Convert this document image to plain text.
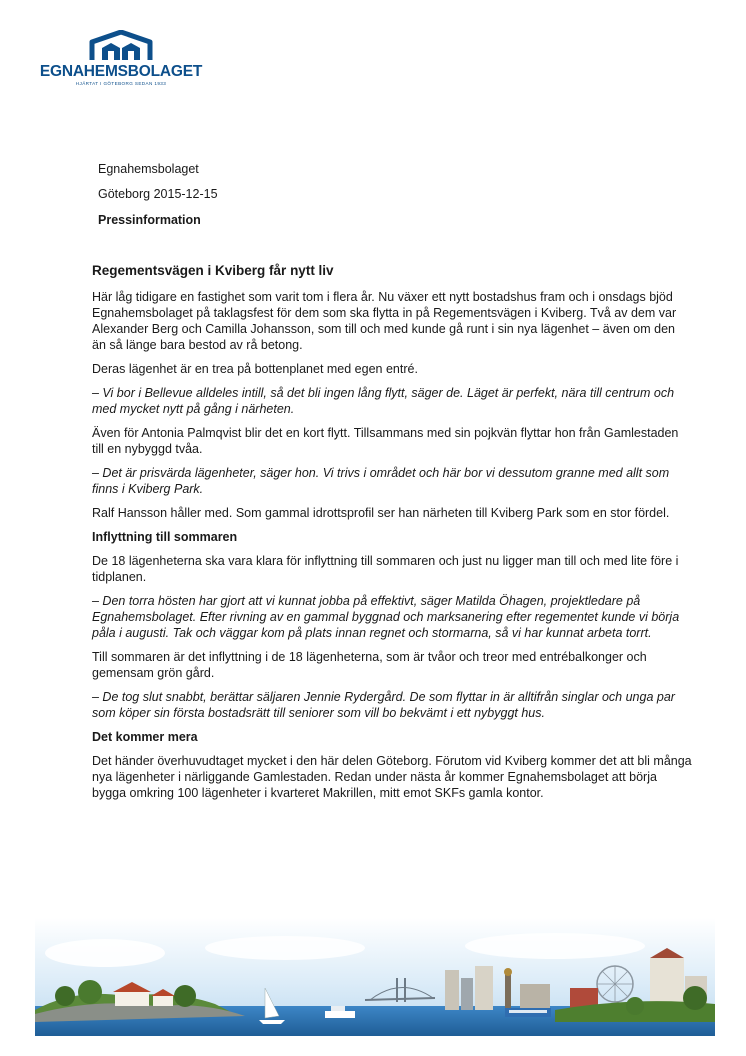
EGNAHEMSBOLAGET
HJÄRTAT I GÖTEBORG SEDAN 1933
Egnahemsbolaget
Göteborg 2015-12-15
Pressinformation
Regementsvägen i Kviberg får nytt liv

Här låg tidigare en fastighet som varit tom i flera år. Nu växer ett nytt bostadshus fram och i onsdags bjöd Egnahemsbolaget på taklagsfest för dem som ska flytta in på Regementsvägen i Kviberg. Två av dem var Alexander Berg och Camilla Johansson, som till och med kunde gå runt i sin nya lägenhet – även om den än så länge bara bestod av rå betong.

Deras lägenhet är en trea på bottenplanet med egen entré.

– Vi bor i Bellevue alldeles intill, så det bli ingen lång flytt, säger de. Läget är perfekt, nära till centrum och med mycket nytt på gång i närheten.

Även för Antonia Palmqvist blir det en kort flytt. Tillsammans med sin pojkvän flyttar hon från Gamlestaden till en nybyggd tvåa.

– Det är prisvärda lägenheter, säger hon. Vi trivs i området och här bor vi dessutom granne med allt som finns i Kviberg Park.

Ralf Hansson håller med. Som gammal idrottsprofil ser han närheten till Kviberg Park som en stor fördel.

Inflyttning till sommaren

De 18 lägenheterna ska vara klara för inflyttning till sommaren och just nu ligger man till och med lite före i tidplanen.

– Den torra hösten har gjort att vi kunnat jobba på effektivt, säger Matilda Öhagen, projektledare på Egnahemsbolaget. Efter rivning av en gammal byggnad och marksanering efter regementet kunde vi börja påla i augusti. Tak och väggar kom på plats innan regnet och stormarna, så vi har kunnat arbeta torrt.

Till sommaren är det inflyttning i de 18 lägenheterna, som är tvåor och treor med entrébalkonger och gemensam grön gård.

– De tog slut snabbt, berättar säljaren Jennie Rydergård. De som flyttar in är alltifrån singlar och unga par som köper sin första bostadsrätt till seniorer som vill bo bekvämt i ett nybyggt hus.

Det kommer mera

Det händer överhuvudtaget mycket i den här delen Göteborg. Förutom vid Kviberg kommer det att bli många nya lägenheter i närliggande Gamlestaden. Redan under nästa år kommer Egnahemsbolaget att börja bygga omkring 100 lägenheter i kvarteret Makrillen, mitt emot SKFs gamla kontor.
